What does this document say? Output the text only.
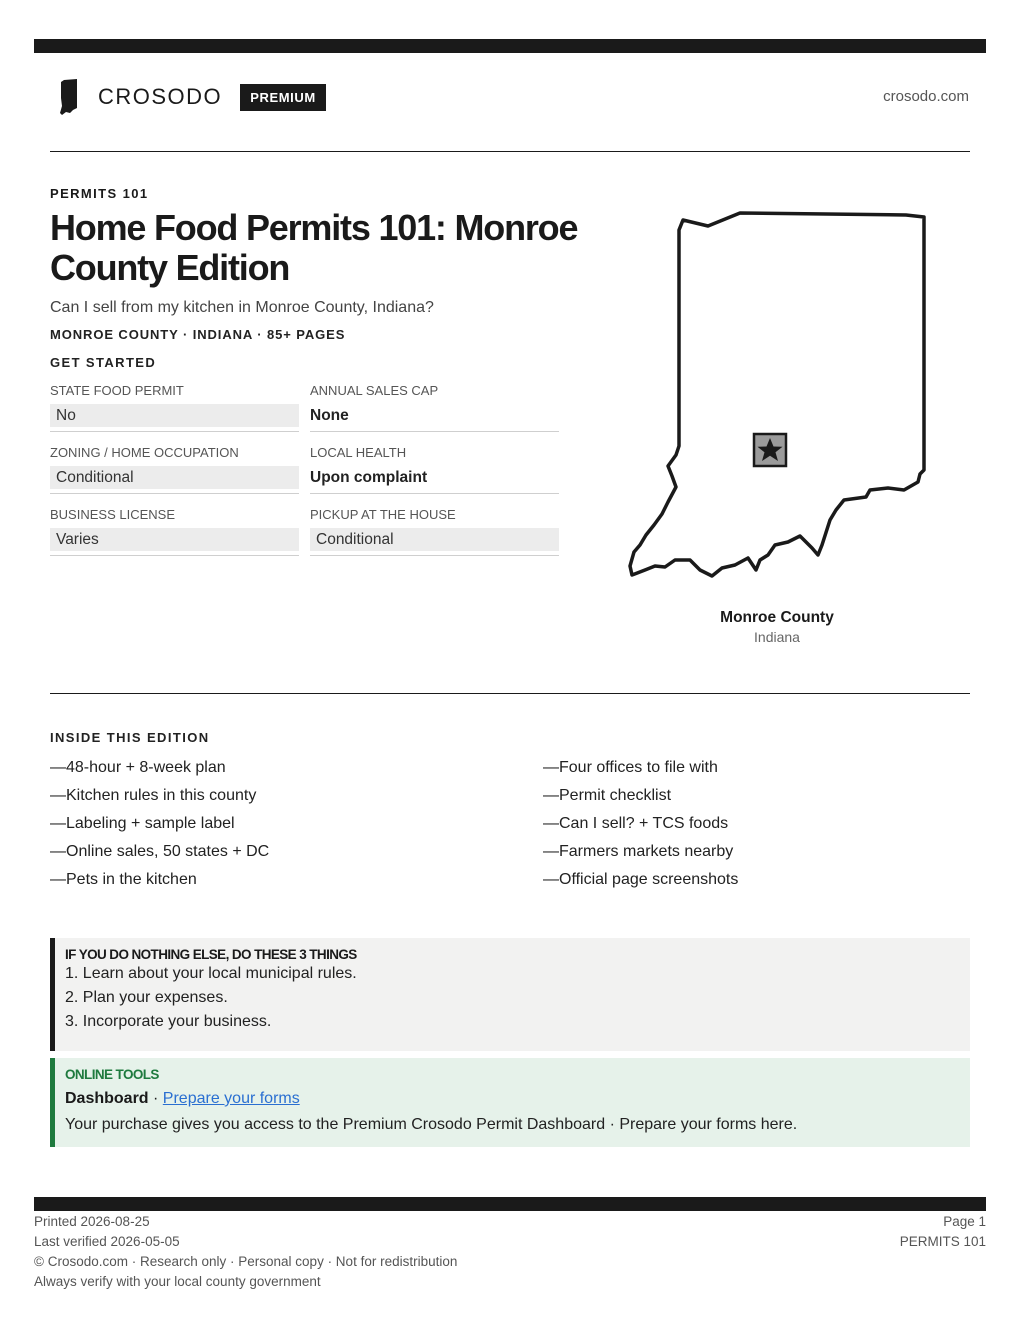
CROSODO	PREMIUM	crosodo.com
PERMITS 101
Home Food Permits 101: Monroe County Edition
Can I sell from my kitchen in Monroe County, Indiana?
MONROE COUNTY · INDIANA · 85+ PAGES
GET STARTED
STATE FOOD PERMIT
No
ANNUAL SALES CAP
None
ZONING / HOME OCCUPATION
Conditional
LOCAL HEALTH
Upon complaint
BUSINESS LICENSE
Varies
PICKUP AT THE HOUSE
Conditional
Monroe County
Indiana
INSIDE THIS EDITION
—48-hour + 8-week plan
—Kitchen rules in this county
—Labeling + sample label
—Online sales, 50 states + DC
—Pets in the kitchen
—Four offices to file with
—Permit checklist
—Can I sell? + TCS foods
—Farmers markets nearby
—Official page screenshots
IF YOU DO NOTHING ELSE, DO THESE 3 THINGS
1. Learn about your local municipal rules.
2. Plan your expenses.
3. Incorporate your business.
ONLINE TOOLS
Dashboard · Prepare your forms
Your purchase gives you access to the Premium Crosodo Permit Dashboard · Prepare your forms here.
Printed 2026-08-25
Last verified 2026-05-05
© Crosodo.com · Research only · Personal copy · Not for redistribution
Always verify with your local county government
Page 1
PERMITS 101
